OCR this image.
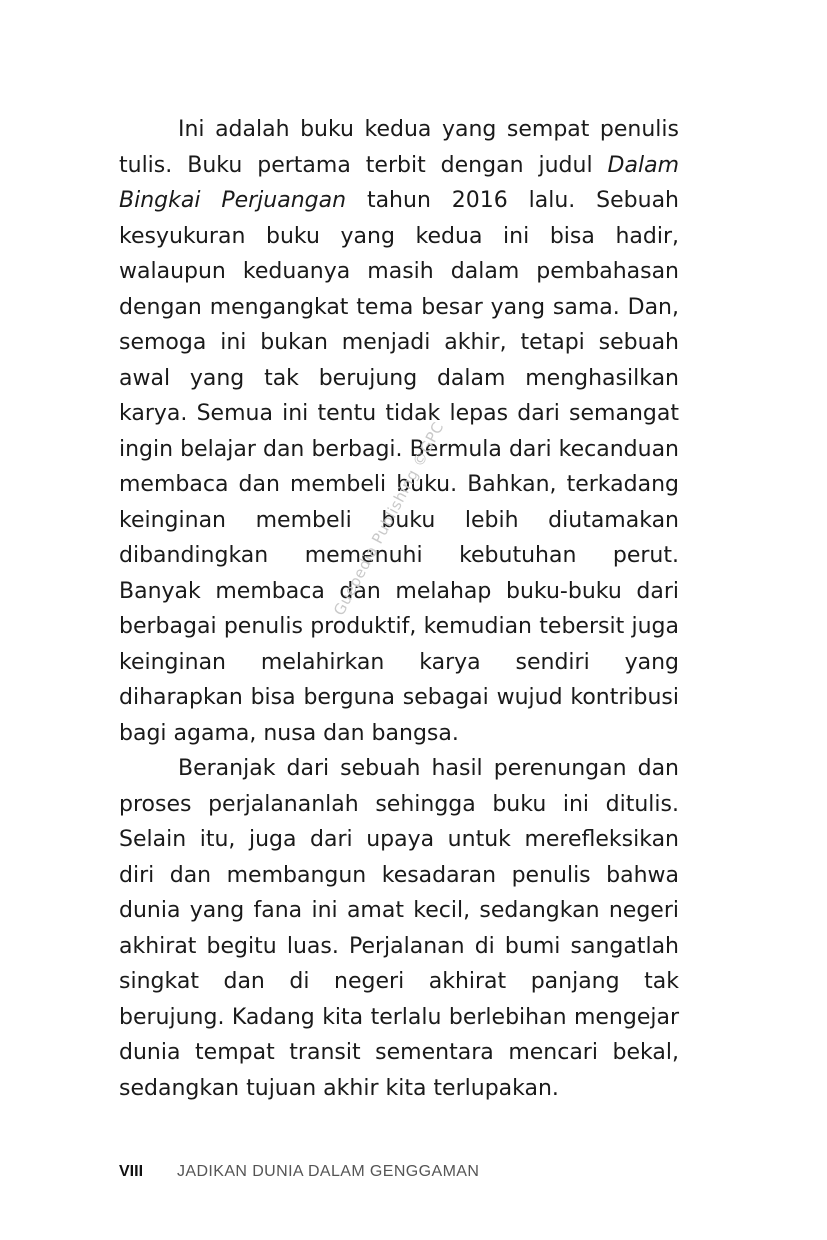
Ini adalah buku kedua yang sempat penulis tulis. Buku pertama terbit dengan judul Dalam Bingkai Perjuangan tahun 2016 lalu. Sebuah kesyukuran buku yang kedua ini bisa hadir, walaupun keduanya masih dalam pembahasan dengan mengangkat tema besar yang sama. Dan, semoga ini bukan menjadi akhir, tetapi sebuah awal yang tak berujung dalam menghasilkan karya. Semua ini tentu tidak lepas dari semangat ingin belajar dan berbagi. Bermula dari kecanduan membaca dan membeli buku. Bahkan, terkadang keinginan membeli buku lebih diutamakan dibandingkan memenuhi kebutuhan perut. Banyak membaca dan melahap buku-buku dari berbagai penulis produktif, kemudian tebersit juga keinginan melahirkan karya sendiri yang diharapkan bisa berguna sebagai wujud kontribusi bagi agama, nusa dan bangsa.

Beranjak dari sebuah hasil perenungan dan proses perjalananlah sehingga buku ini ditulis. Selain itu, juga dari upaya untuk merefleksikan diri dan membangun kesadaran penulis bahwa dunia yang fana ini amat kecil, sedangkan negeri akhirat begitu luas. Perjalanan di bumi sangatlah singkat dan di negeri akhirat panjang tak berujung. Kadang kita terlalu berlebihan mengejar dunia tempat transit sementara mencari bekal, sedangkan tujuan akhir kita terlupakan.

Guepedia Publishing ©GPC
VIII JADIKAN DUNIA DALAM GENGGAMAN
